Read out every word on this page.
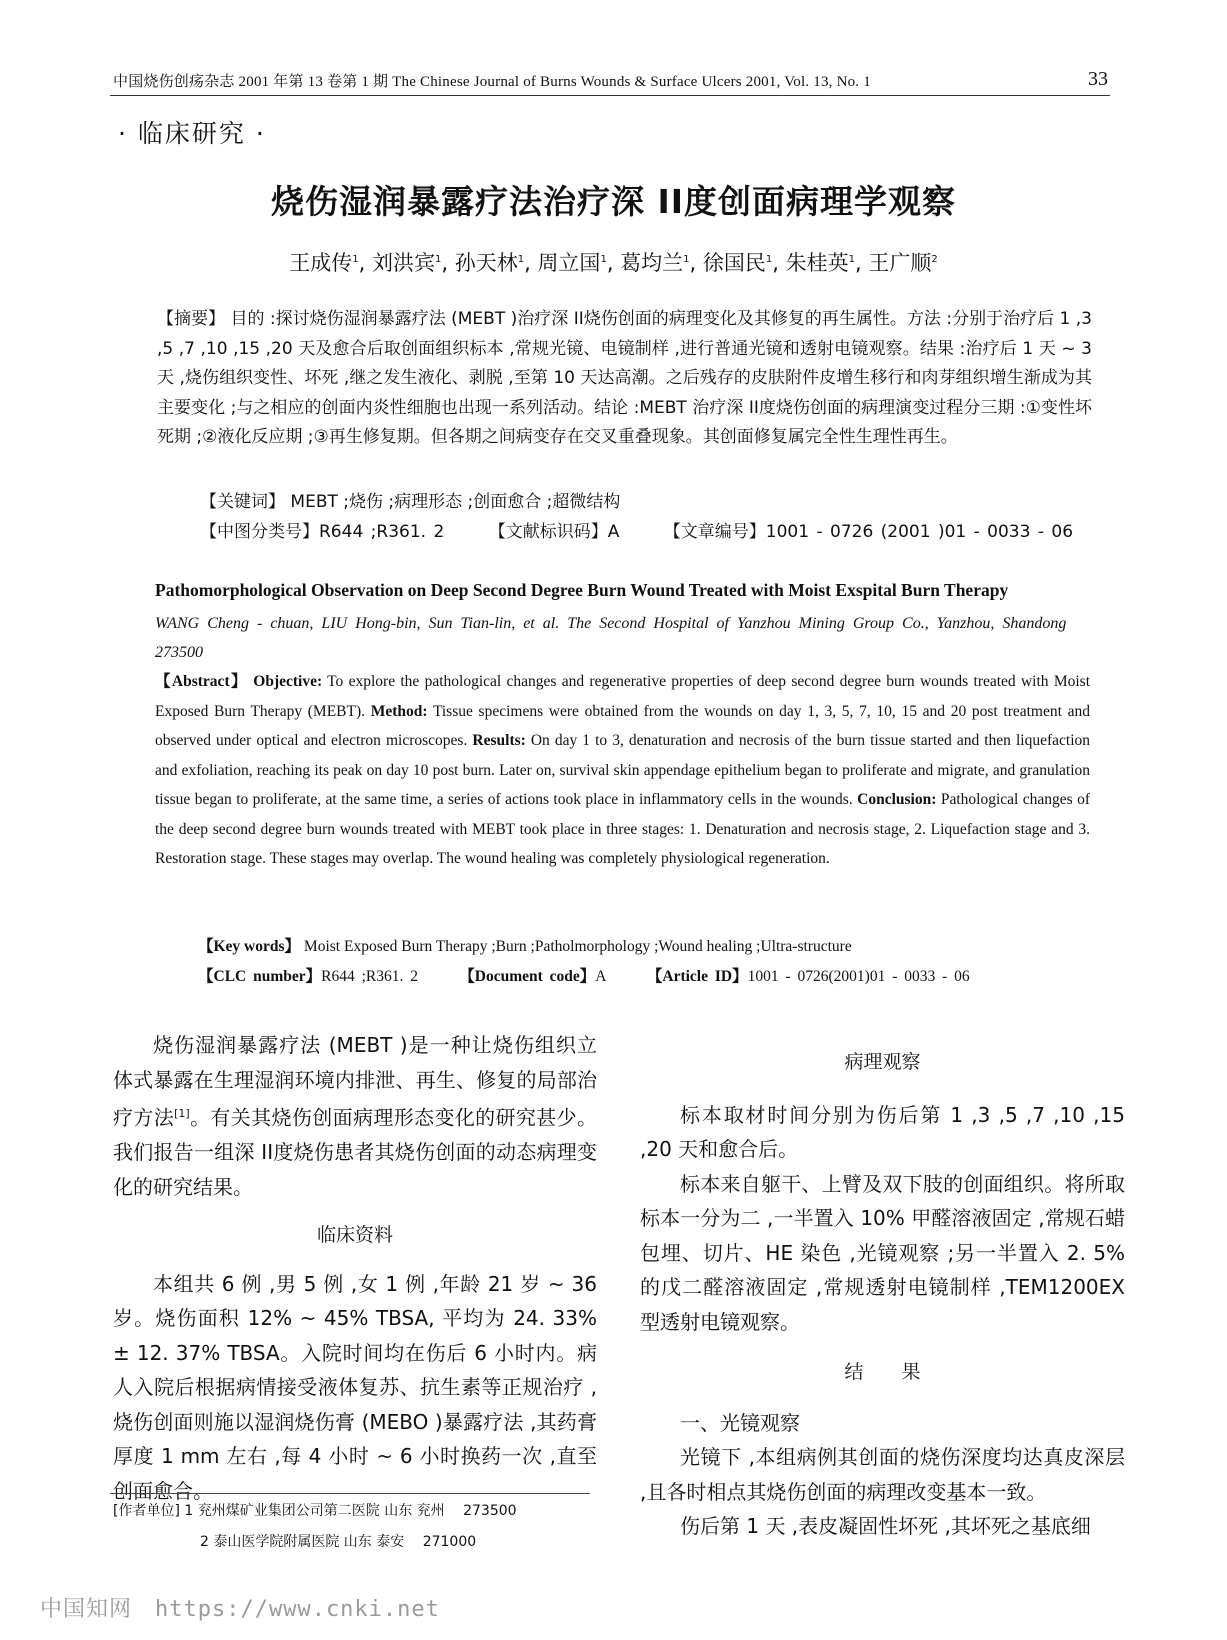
中国烧伤创疡杂志 2001 年第 13 卷第 1 期 The Chinese Journal of Burns Wounds & Surface Ulcers 2001, Vol. 13, No. 1	33
· 临床研究 ·
烧伤湿润暴露疗法治疗深 II度创面病理学观察
王成传$^1$, 刘洪宾$^1$, 孙天林$^1$, 周立国$^1$, 葛均兰$^1$, 徐国民$^1$, 朱桂英$^1$, 王广顺$^2$
【摘要】 目的 :探讨烧伤湿润暴露疗法 (MEBT )治疗深 II烧伤创面的病理变化及其修复的再生属性。方法 :分别于治疗后 1 ,3 ,5 ,7 ,10 ,15 ,20 天及愈合后取创面组织标本 ,常规光镜、电镜制样 ,进行普通光镜和透射电镜观察。结果 :治疗后 1 天 ~ 3 天 ,烧伤组织变性、坏死 ,继之发生液化、剥脱 ,至第 10 天达高潮。之后残存的皮肤附件皮增生移行和肉芽组织增生渐成为其主要变化 ;与之相应的创面内炎性细胞也出现一系列活动。结论 :MEBT 治疗深 II度烧伤创面的病理演变过程分三期 :①变性坏死期 ;②液化反应期 ;③再生修复期。但各期之间病变存在交叉重叠现象。其创面修复属完全性生理性再生。
【关键词】 MEBT ;烧伤 ;病理形态 ;创面愈合 ;超微结构
【中图分类号】R644 ;R361. 2	【文献标识码】A	【文章编号】1001 - 0726 (2001 )01 - 0033 - 06
Pathomorphological Observation on Deep Second Degree Burn Wound Treated with Moist Exspital Burn Therapy
WANG Cheng - chuan, LIU Hong-bin, Sun Tian-lin, et al. The Second Hospital of Yanzhou Mining Group Co., Yanzhou, Shandong 273500
【Abstract】 Objective: To explore the pathological changes and regenerative properties of deep second degree burn wounds treated with Moist Exposed Burn Therapy (MEBT). Method: Tissue specimens were obtained from the wounds on day 1, 3, 5, 7, 10, 15 and 20 post treatment and observed under optical and electron microscopes. Results: On day 1 to 3, denaturation and necrosis of the burn tissue started and then liquefaction and exfoliation, reaching its peak on day 10 post burn. Later on, survival skin appendage epithelium began to proliferate and migrate, and granulation tissue began to proliferate, at the same time, a series of actions took place in inflammatory cells in the wounds. Conclusion: Pathological changes of the deep second degree burn wounds treated with MEBT took place in three stages: 1. Denaturation and necrosis stage, 2. Liquefaction stage and 3. Restoration stage. These stages may overlap. The wound healing was completely physiological regeneration.
【Key words】 Moist Exposed Burn Therapy ;Burn ;Patholmorphology ;Wound healing ;Ultra-structure
【CLC number】R644 ;R361. 2	【Document code】A	【Article ID】1001 - 0726(2001)01 - 0033 - 06

烧伤湿润暴露疗法 (MEBT )是一种让烧伤组织立体式暴露在生理湿润环境内排泄、再生、修复的局部治疗方法[1]。有关其烧伤创面病理形态变化的研究甚少。我们报告一组深 II度烧伤患者其烧伤创面的动态病理变化的研究结果。

临床资料

本组共 6 例 ,男 5 例 ,女 1 例 ,年龄 21 岁 ~ 36 岁。烧伤面积 12% ~ 45% TBSA, 平均为 24. 33% ± 12. 37% TBSA。入院时间均在伤后 6 小时内。病人入院后根据病情接受液体复苏、抗生素等正规治疗 ,烧伤创面则施以湿润烧伤膏 (MEBO )暴露疗法 ,其药膏厚度 1 mm 左右 ,每 4 小时 ~ 6 小时换药一次 ,直至创面愈合。

病理观察

标本取材时间分别为伤后第 1 ,3 ,5 ,7 ,10 ,15 ,20 天和愈合后。

标本来自躯干、上臂及双下肢的创面组织。将所取标本一分为二 ,一半置入 10% 甲醛溶液固定 ,常规石蜡包埋、切片、HE 染色 ,光镜观察 ;另一半置入 2. 5% 的戊二醛溶液固定 ,常规透射电镜制样 ,TEM1200EX 型透射电镜观察。

结　　果

一、光镜观察

光镜下 ,本组病例其创面的烧伤深度均达真皮深层 ,且各时相点其烧伤创面的病理改变基本一致。

伤后第 1 天 ,表皮凝固性坏死 ,其坏死之基底细

[作者单位] 1 兖州煤矿业集团公司第二医院 山东 兖州　 273500
2 泰山医学院附属医院 山东 泰安　 271000
中国知网　https://www.cnki.net
